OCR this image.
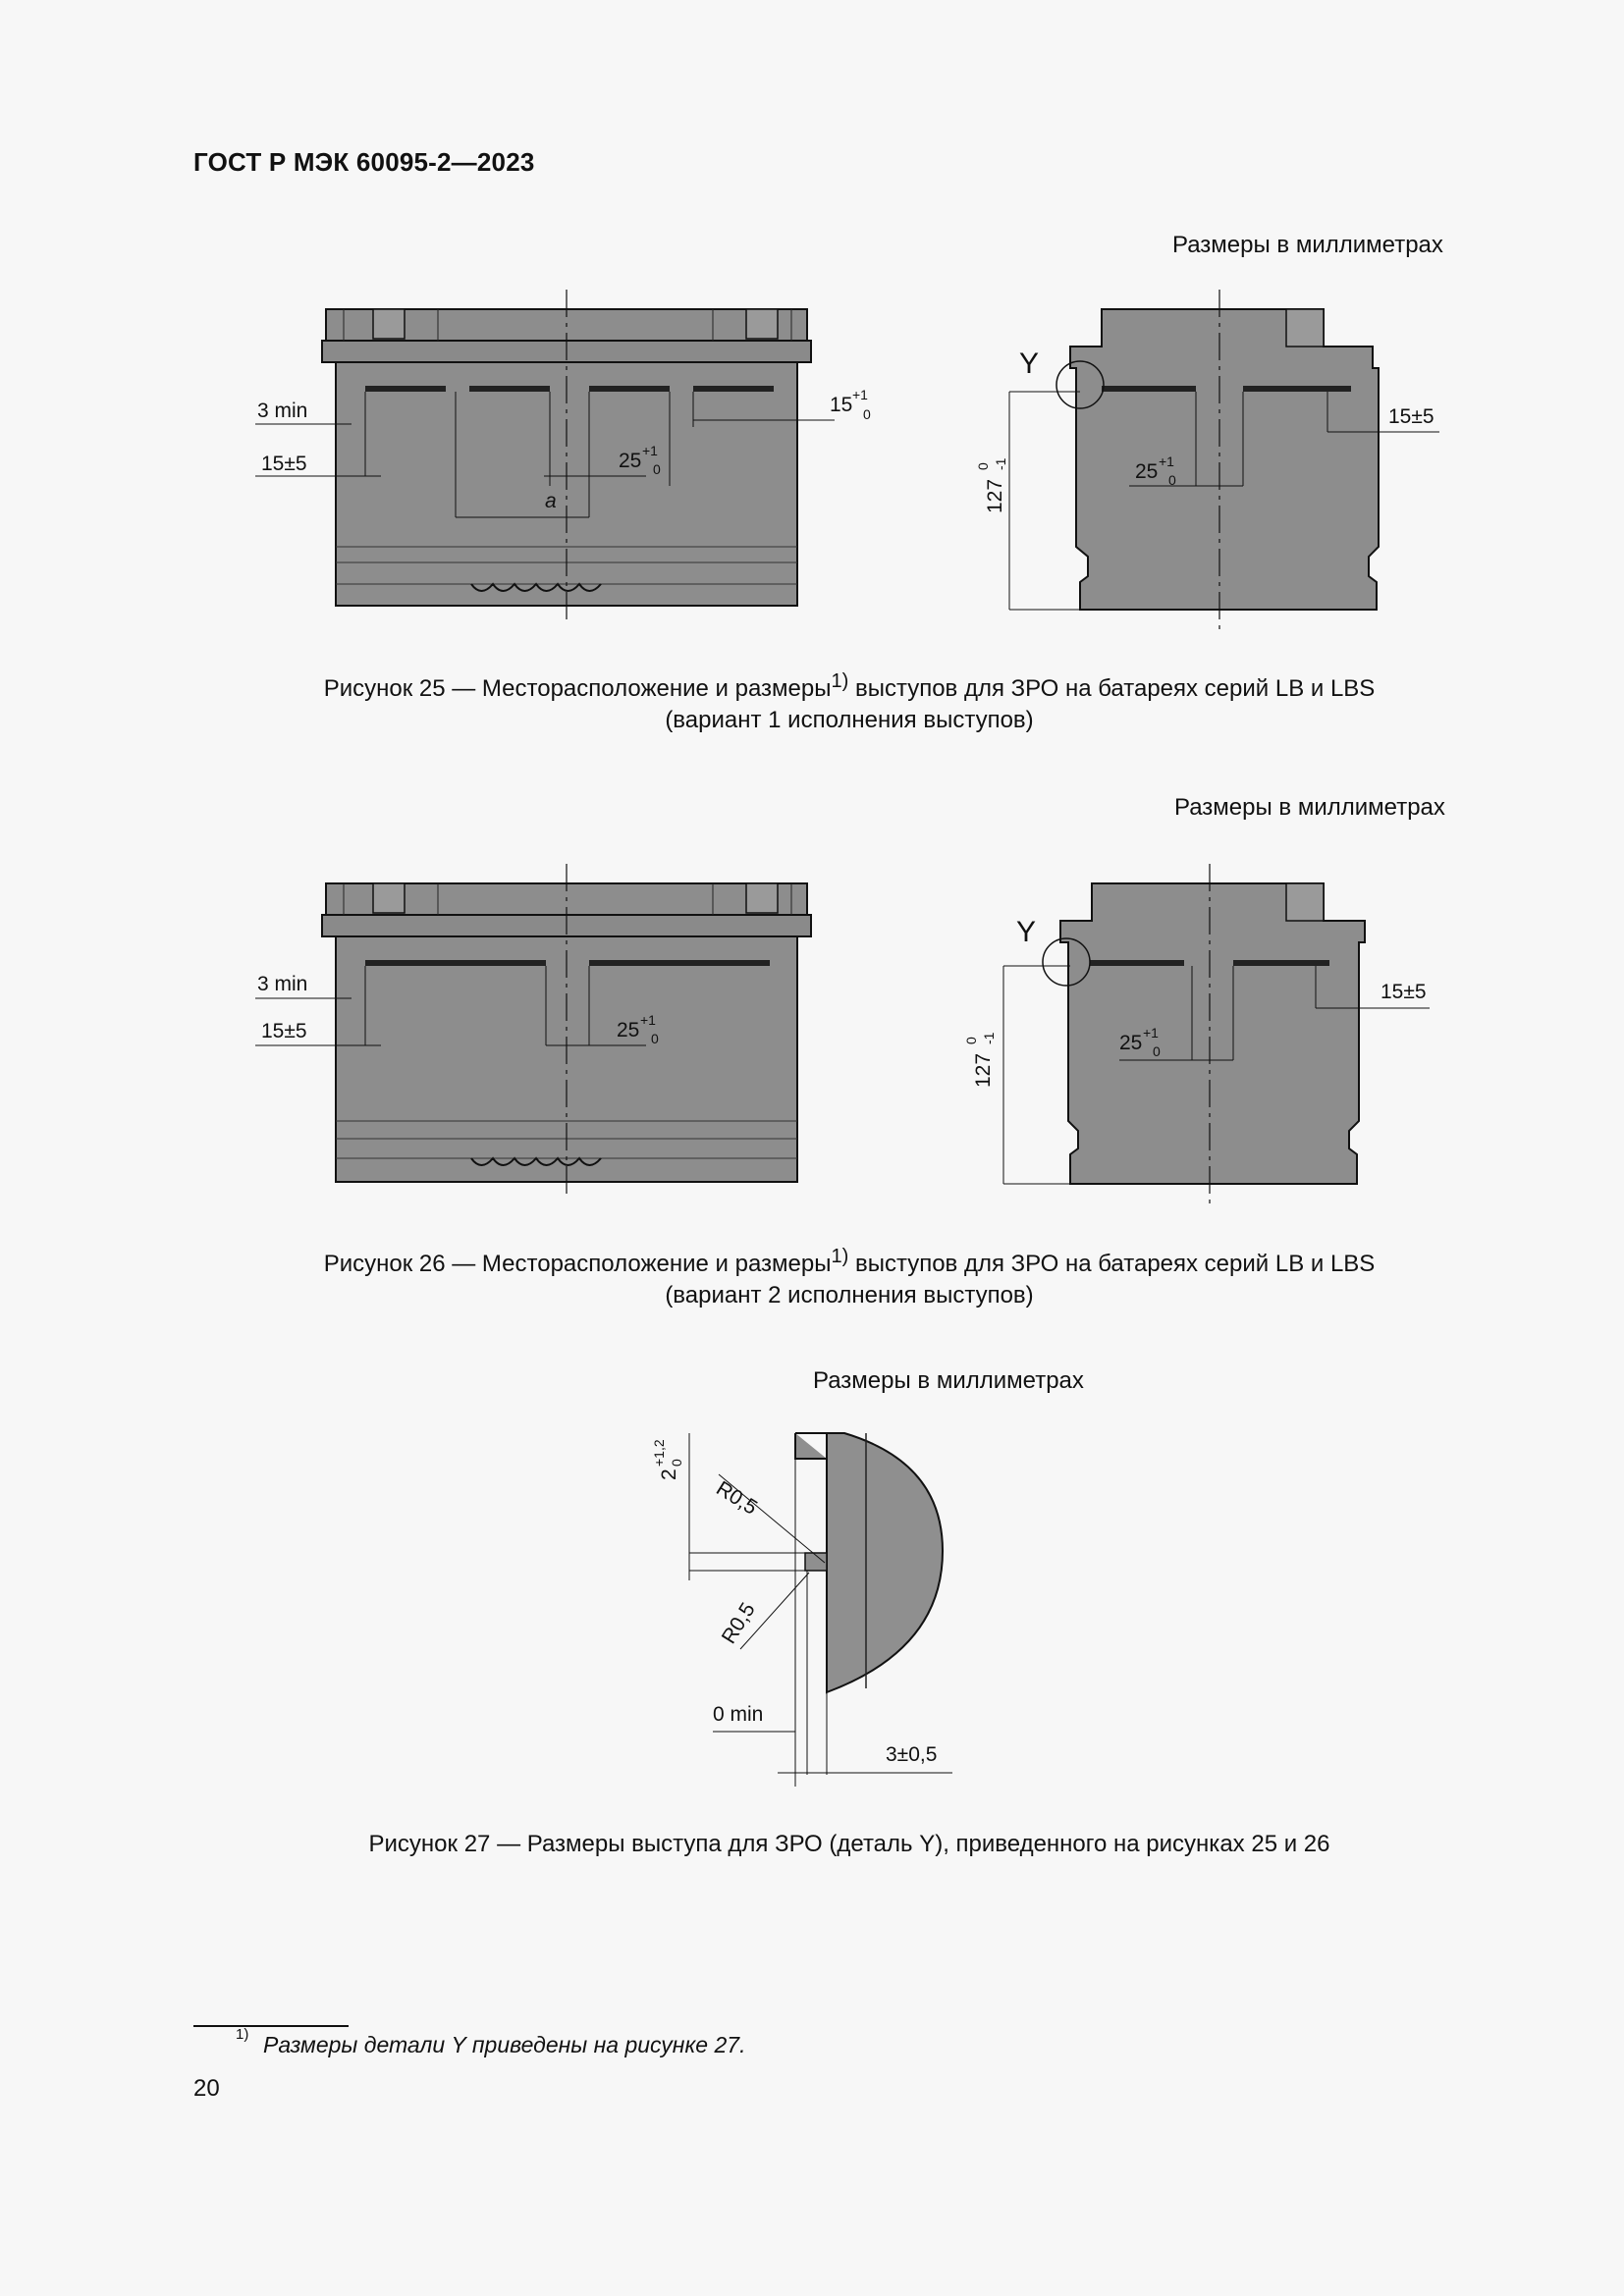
ГОСТ Р МЭК 60095-2—2023
Размеры в миллиметрах
3 min
15±5
15 +1
0
25 +1
0
a
Y
127
0 -1	25 +1
0
15±5
Рисунок 25 — Месторасположение и размеры$^{1)}$ выступов для ЗРО на батареях серий LB и LBS
(вариант 1 исполнения выступов)
Размеры в миллиметрах
3 min
15±5	25 +1
0
Y
127
0 -1	25 +1
0
15±5
Рисунок 26 — Месторасположение и размеры$^{1)}$ выступов для ЗРО на батареях серий LB и LBS
(вариант 2 исполнения выступов)
Размеры в миллиметрах
2
+1,2 0
R0,5
R0,5
0 min
3±0,5
Рисунок 27 — Размеры выступа для ЗРО (деталь Y), приведенного на рисунках 25 и 26
1) Размеры детали Y приведены на рисунке 27.
20
